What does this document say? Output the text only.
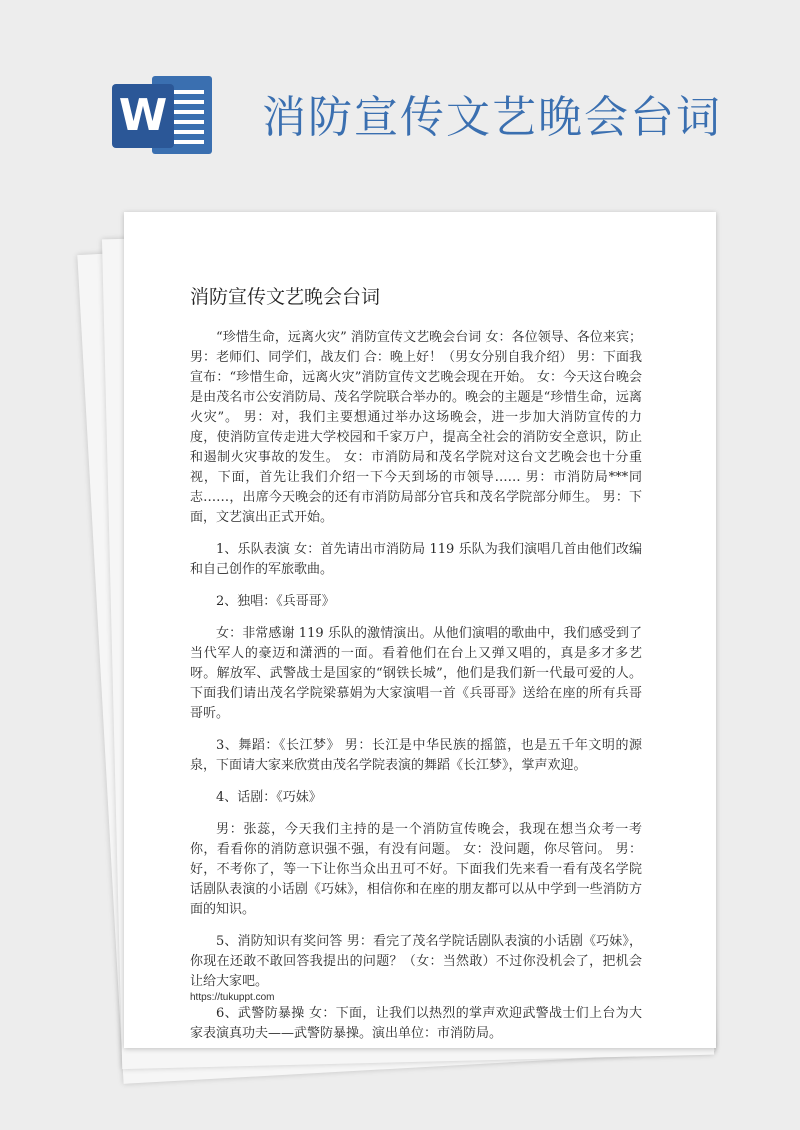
W 消防宣传文艺晚会台词
消防宣传文艺晚会台词

“珍惜生命，远离火灾” 消防宣传文艺晚会台词 女：各位领导、各位来宾；男：老师们、同学们，战友们 合：晚上好！（男女分别自我介绍） 男：下面我宣布：“珍惜生命，远离火灾”消防宣传文艺晚会现在开始。 女：今天这台晚会是由茂名市公安消防局、茂名学院联合举办的。晚会的主题是“珍惜生命，远离火灾”。 男：对，我们主要想通过举办这场晚会，进一步加大消防宣传的力度，使消防宣传走进大学校园和千家万户，提高全社会的消防安全意识，防止和遏制火灾事故的发生。 女：市消防局和茂名学院对这台文艺晚会也十分重视，下面，首先让我们介绍一下今天到场的市领导…… 男：市消防局***同志……，出席今天晚会的还有市消防局部分官兵和茂名学院部分师生。 男：下面，文艺演出正式开始。

1、乐队表演 女：首先请出市消防局 119 乐队为我们演唱几首由他们改编和自己创作的军旅歌曲。

2、独唱：《兵哥哥》

女：非常感谢 119 乐队的激情演出。从他们演唱的歌曲中，我们感受到了当代军人的豪迈和潇洒的一面。看着他们在台上又弹又唱的，真是多才多艺呀。解放军、武警战士是国家的“钢铁长城”，他们是我们新一代最可爱的人。下面我们请出茂名学院梁慕娟为大家演唱一首《兵哥哥》送给在座的所有兵哥哥听。

3、舞蹈：《长江梦》 男：长江是中华民族的摇篮，也是五千年文明的源泉，下面请大家来欣赏由茂名学院表演的舞蹈《长江梦》，掌声欢迎。

4、话剧：《巧妹》

男：张蕊，今天我们主持的是一个消防宣传晚会，我现在想当众考一考你，看看你的消防意识强不强，有没有问题。 女：没问题，你尽管问。 男：好，不考你了，等一下让你当众出丑可不好。下面我们先来看一看有茂名学院话剧队表演的小话剧《巧妹》，相信你和在座的朋友都可以从中学到一些消防方面的知识。

5、消防知识有奖问答 男：看完了茂名学院话剧队表演的小话剧《巧妹》，你现在还敢不敢回答我提出的问题？（女：当然敢）不过你没机会了，把机会让给大家吧。

6、武警防暴操 女：下面，让我们以热烈的掌声欢迎武警战士们上台为大家表演真功夫——武警防暴操。演出单位：市消防局。

https://tukuppt.com
